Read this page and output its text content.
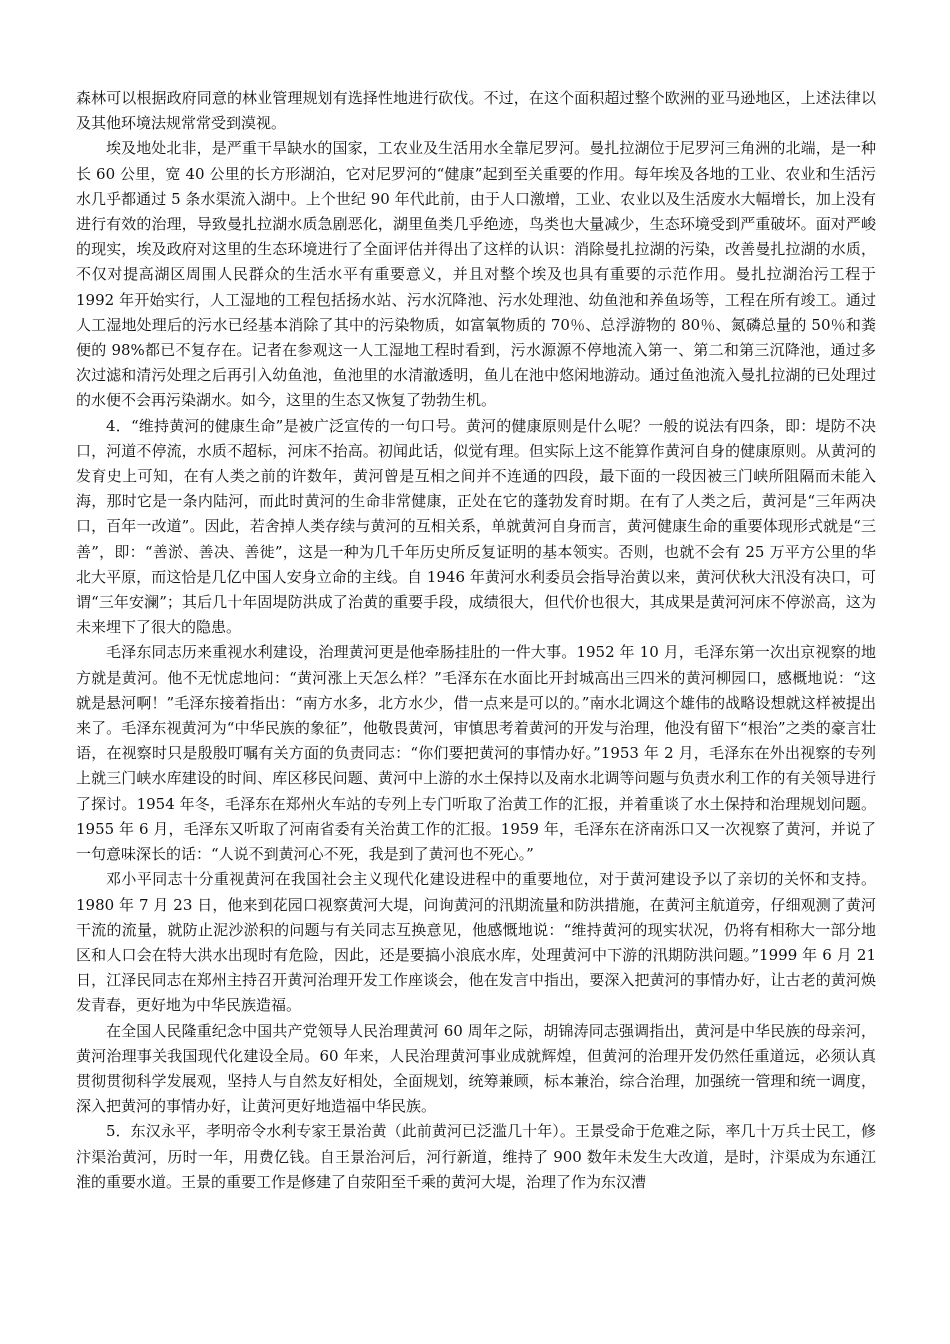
森林可以根据政府同意的林业管理规划有选择性地进行砍伐。不过，在这个面积超过整个欧洲的亚马逊地区，上述法律以及其他环境法规常常受到漠视。

埃及地处北非，是严重干旱缺水的国家，工农业及生活用水全靠尼罗河。曼扎拉湖位于尼罗河三角洲的北端，是一种长 60 公里，宽 40 公里的长方形湖泊，它对尼罗河的“健康”起到至关重要的作用。每年埃及各地的工业、农业和生活污水几乎都通过 5 条水渠流入湖中。上个世纪 90 年代此前，由于人口激增，工业、农业以及生活废水大幅增长，加上没有进行有效的治理，导致曼扎拉湖水质急剧恶化，湖里鱼类几乎绝迹，鸟类也大量减少，生态环境受到严重破坏。面对严峻的现实，埃及政府对这里的生态环境进行了全面评估并得出了这样的认识：消除曼扎拉湖的污染，改善曼扎拉湖的水质，不仅对提高湖区周围人民群众的生活水平有重要意义，并且对整个埃及也具有重要的示范作用。曼扎拉湖治污工程于 1992 年开始实行，人工湿地的工程包括扬水站、污水沉降池、污水处理池、幼鱼池和养鱼场等，工程在所有竣工。通过人工湿地处理后的污水已经基本消除了其中的污染物质，如富氧物质的 70％、总浮游物的 80％、氮磷总量的 50％和粪便的 98%都已不复存在。记者在参观这一人工湿地工程时看到，污水源源不停地流入第一、第二和第三沉降池，通过多次过滤和清污处理之后再引入幼鱼池，鱼池里的水清澈透明，鱼儿在池中悠闲地游动。通过鱼池流入曼扎拉湖的已处理过的水便不会再污染湖水。如今，这里的生态又恢复了勃勃生机。

4．“维持黄河的健康生命”是被广泛宣传的一句口号。黄河的健康原则是什么呢？一般的说法有四条，即：堤防不决口，河道不停流，水质不超标，河床不抬高。初闻此话，似觉有理。但实际上这不能算作黄河自身的健康原则。从黄河的发育史上可知，在有人类之前的许数年，黄河曾是互相之间并不连通的四段，最下面的一段因被三门峡所阻隔而未能入海，那时它是一条内陆河，而此时黄河的生命非常健康，正处在它的蓬勃发育时期。在有了人类之后，黄河是“三年两决口，百年一改道”。因此，若舍掉人类存续与黄河的互相关系，单就黄河自身而言，黄河健康生命的重要体现形式就是“三善”，即：“善淤、善决、善徙”，这是一种为几千年历史所反复证明的基本领实。否则，也就不会有 25 万平方公里的华北大平原，而这恰是几亿中国人安身立命的主线。自 1946 年黄河水利委员会指导治黄以来，黄河伏秋大汛没有决口，可谓“三年安澜”；其后几十年固堤防洪成了治黄的重要手段，成绩很大，但代价也很大，其成果是黄河河床不停淤高，这为未来埋下了很大的隐患。

毛泽东同志历来重视水利建设，治理黄河更是他牵肠挂肚的一件大事。1952 年 10 月，毛泽东第一次出京视察的地方就是黄河。他不无忧虑地问：“黄河涨上天怎么样？”毛泽东在水面比开封城高出三四米的黄河柳园口，感概地说：“这就是悬河啊！”毛泽东接着指出：“南方水多，北方水少，借一点来是可以的。”南水北调这个雄伟的战略设想就这样被提出来了。毛泽东视黄河为“中华民族的象征”，他敬畏黄河，审慎思考着黄河的开发与治理，他没有留下“根治”之类的豪言壮语，在视察时只是殷殷叮嘱有关方面的负责同志：“你们要把黄河的事情办好。”1953 年 2 月，毛泽东在外出视察的专列上就三门峡水库建设的时间、库区移民问题、黄河中上游的水土保持以及南水北调等问题与负责水利工作的有关领导进行了探讨。1954 年冬，毛泽东在郑州火车站的专列上专门听取了治黄工作的汇报，并着重谈了水土保持和治理规划问题。1955 年 6 月，毛泽东又听取了河南省委有关治黄工作的汇报。1959 年，毛泽东在济南泺口又一次视察了黄河，并说了一句意味深长的话：“人说不到黄河心不死，我是到了黄河也不死心。”

邓小平同志十分重视黄河在我国社会主义现代化建设进程中的重要地位，对于黄河建设予以了亲切的关怀和支持。1980 年 7 月 23 日，他来到花园口视察黄河大堤，问询黄河的汛期流量和防洪措施，在黄河主航道旁，仔细观测了黄河干流的流量，就防止泥沙淤积的问题与有关同志互换意见，他感慨地说：“维持黄河的现实状况，仍将有相称大一部分地区和人口会在特大洪水出现时有危险，因此，还是要搞小浪底水库，处理黄河中下游的汛期防洪问题。”1999 年 6 月 21 日，江泽民同志在郑州主持召开黄河治理开发工作座谈会，他在发言中指出，要深入把黄河的事情办好，让古老的黄河焕发青春，更好地为中华民族造福。

在全国人民隆重纪念中国共产党领导人民治理黄河 60 周年之际，胡锦涛同志强调指出，黄河是中华民族的母亲河，黄河治理事关我国现代化建设全局。60 年来，人民治理黄河事业成就辉煌，但黄河的治理开发仍然任重道远，必须认真贯彻贯彻科学发展观，坚持人与自然友好相处，全面规划，统筹兼顾，标本兼治，综合治理，加强统一管理和统一调度，深入把黄河的事情办好，让黄河更好地造福中华民族。

5．东汉永平，孝明帝令水利专家王景治黄（此前黄河已泛滥几十年）。王景受命于危难之际，率几十万兵士民工，修汴渠治黄河，历时一年，用费亿钱。自王景治河后，河行新道，维持了 900 数年未发生大改道，是时，汴渠成为东通江淮的重要水道。王景的重要工作是修建了自荥阳至千乘的黄河大堤，治理了作为东汉漕
